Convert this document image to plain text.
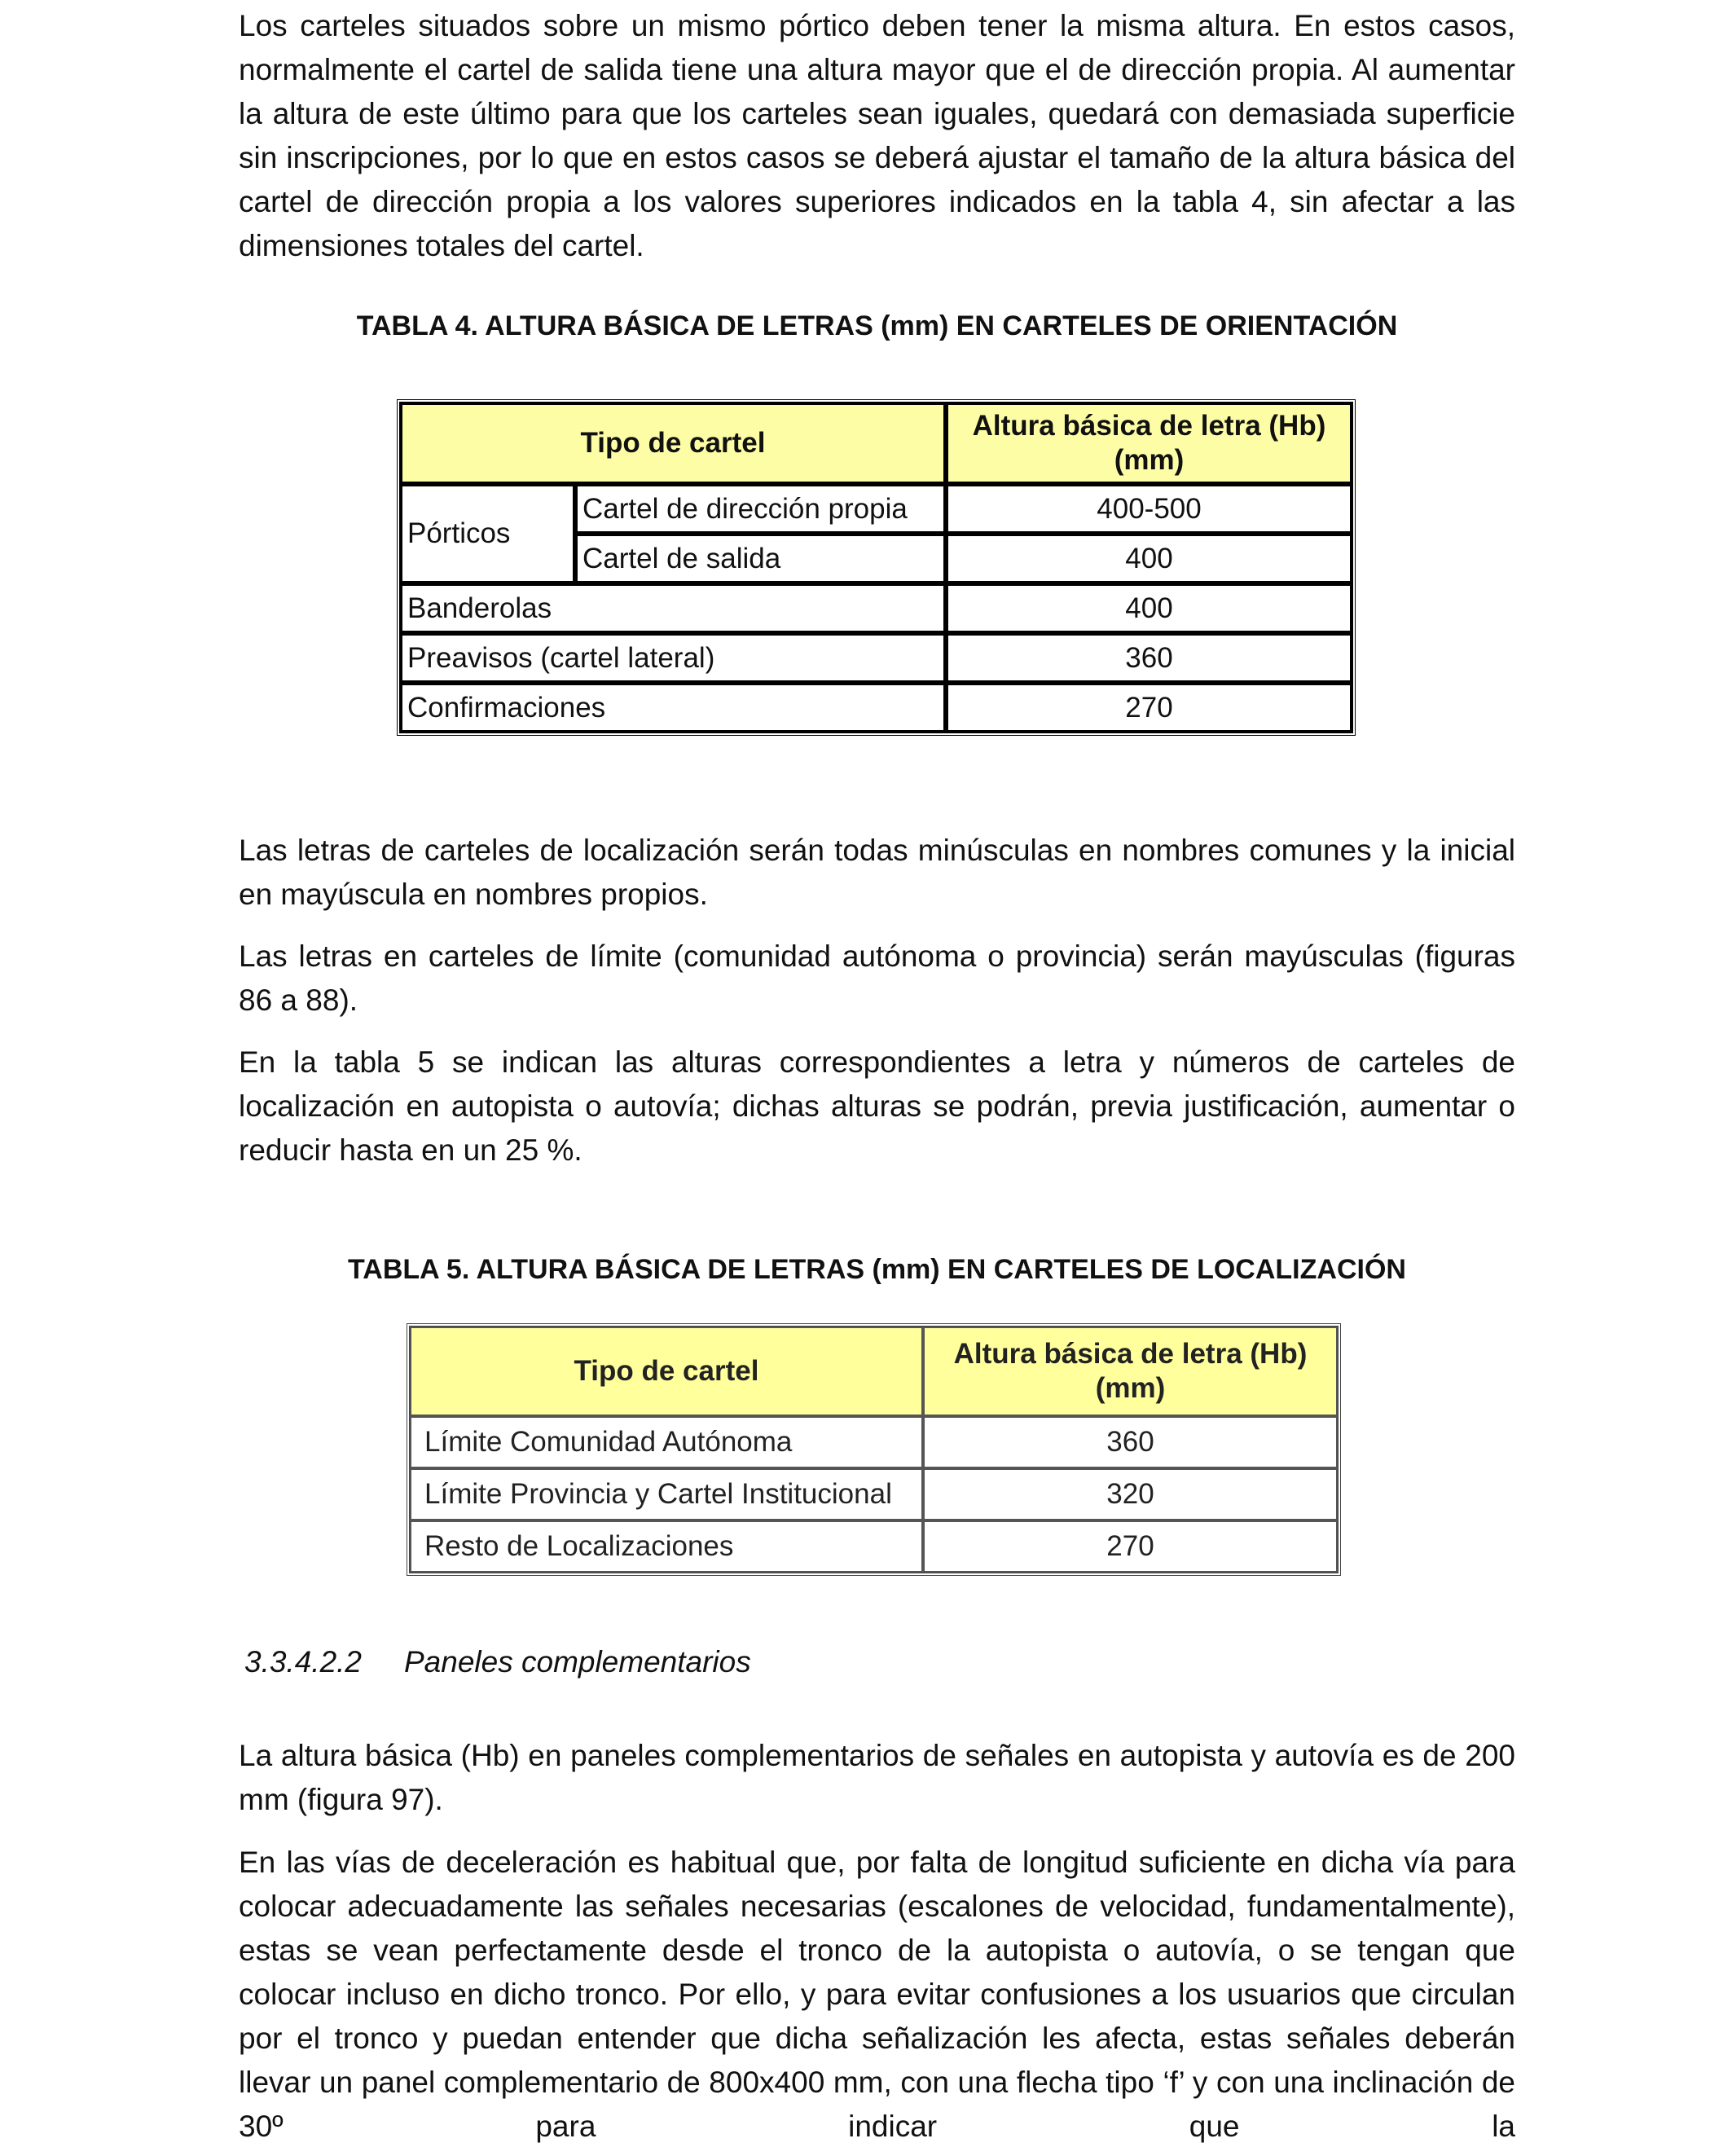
Los carteles situados sobre un mismo pórtico deben tener la misma altura. En estos casos, normalmente el cartel de salida tiene una altura mayor que el de dirección propia. Al aumentar la altura de este último para que los carteles sean iguales, quedará con demasiada superficie sin inscripciones, por lo que en estos casos se deberá ajustar el tamaño de la altura básica del cartel de dirección propia a los valores superiores indicados en la tabla 4, sin afectar a las dimensiones totales del cartel.

TABLA 4. ALTURA BÁSICA DE LETRAS (mm) EN CARTELES DE ORIENTACIÓN

Tipo de cartel		Altura básica de letra (Hb) (mm)
Pórticos	Cartel de dirección propia	400-500
	Cartel de salida	400
Banderolas		400
Preavisos (cartel lateral)		360
Confirmaciones		270

Las letras de carteles de localización serán todas minúsculas en nombres comunes y la inicial en mayúscula en nombres propios.

Las letras en carteles de límite (comunidad autónoma o provincia) serán mayúsculas (figuras 86 a 88).

En la tabla 5 se indican las alturas correspondientes a letra y números de carteles de localización en autopista o autovía; dichas alturas se podrán, previa justificación, aumentar o reducir hasta en un 25 %.

TABLA 5. ALTURA BÁSICA DE LETRAS (mm) EN CARTELES DE LOCALIZACIÓN

Tipo de cartel	Altura básica de letra (Hb) (mm)
Límite Comunidad Autónoma	360
Límite Provincia y Cartel Institucional	320
Resto de Localizaciones	270

3.3.4.2.2 Paneles complementarios

La altura básica (Hb) en paneles complementarios de señales en autopista y autovía es de 200 mm (figura 97).

En las vías de deceleración es habitual que, por falta de longitud suficiente en dicha vía para colocar adecuadamente las señales necesarias (escalones de velocidad, fundamentalmente), estas se vean perfectamente desde el tronco de la autopista o autovía, o se tengan que colocar incluso en dicho tronco. Por ello, y para evitar confusiones a los usuarios que circulan por el tronco y puedan entender que dicha señalización les afecta, estas señales deberán llevar un panel complementario de 800x400 mm, con una flecha tipo ‘f’ y con una inclinación de 30º para indicar que la
